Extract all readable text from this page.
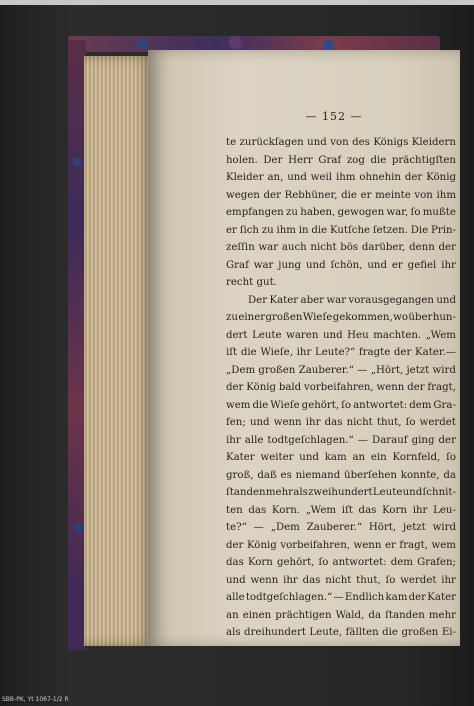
— 152 —
te zurückſagen und von des Königs Kleidern
holen. Der Herr Graf zog die prächtigſten
Kleider an, und weil ihm ohnehin der König
wegen der Rebhüner, die er meinte von ihm
empfangen zu haben, gewogen war, ſo mußte
er ſich zu ihm in die Kutſche ſetzen. Die Prin-
zeſſin war auch nicht bös darüber, denn der
Graf war jung und ſchön, und er gefiel ihr
recht gut.
Der Kater aber war vorausgegangen und
zu einer großen Wieſe gekommen, wo über hun-
dert Leute waren und Heu machten. „Wem
iſt die Wieſe, ihr Leute?“ fragte der Kater.—
„Dem großen Zauberer.“ — „Hört, jetzt wird
der König bald vorbeifahren, wenn der fragt,
wem die Wieſe gehört, ſo antwortet: dem Gra-
fen; und wenn ihr das nicht thut, ſo werdet
ihr alle todtgeſchlagen.“ — Darauf ging der
Kater weiter und kam an ein Kornfeld, ſo
groß, daß es niemand überſehen konnte, da
ſtanden mehr als zweihundert Leute und ſchnit-
ten das Korn. „Wem iſt das Korn ihr Leu-
te?“ — „Dem Zauberer.“ Hört, jetzt wird
der König vorbeifahren, wenn er fragt, wem
das Korn gehört, ſo antwortet: dem Grafen;
und wenn ihr das nicht thut, ſo werdet ihr
alle todtgeſchlagen.“ — Endlich kam der Kater
an einen prächtigen Wald, da ſtanden mehr
als dreihundert Leute, fällten die großen Ei-
SBB-PK, Yt 1067-1/2 R
